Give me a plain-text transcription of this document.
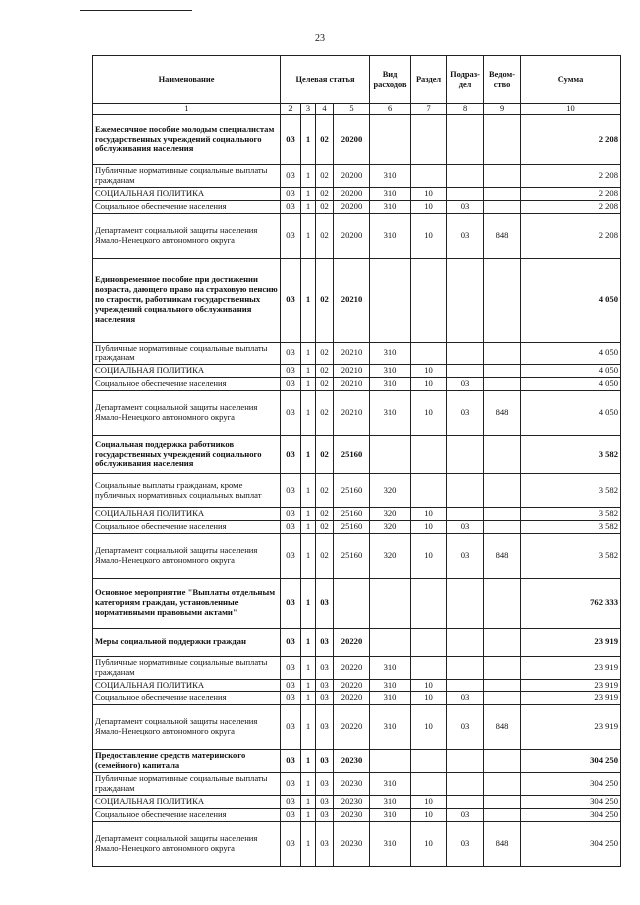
23
Наименование	Целевая статья				Вид расходов	Раздел	Подраз-дел	Ведом-ство	Сумма
1	2	3	4	5	6	7	8	9	10
Ежемесячное пособие молодым специалистам государственных учреждений социального обслуживания населения	03	1	02	20200					2 208
Публичные нормативные социальные выплаты гражданам	03	1	02	20200	310				2 208
СОЦИАЛЬНАЯ ПОЛИТИКА	03	1	02	20200	310	10			2 208
Социальное обеспечение населения	03	1	02	20200	310	10	03		2 208
Департамент социальной защиты населения Ямало-Ненецкого автономного округа	03	1	02	20200	310	10	03	848	2 208
Единовременное пособие при достижении возраста, дающего право на страховую пенсию по старости, работникам государственных учреждений социального обслуживания населения	03	1	02	20210					4 050
Публичные нормативные социальные выплаты гражданам	03	1	02	20210	310				4 050
СОЦИАЛЬНАЯ ПОЛИТИКА	03	1	02	20210	310	10			4 050
Социальное обеспечение населения	03	1	02	20210	310	10	03		4 050
Департамент социальной защиты населения Ямало-Ненецкого автономного округа	03	1	02	20210	310	10	03	848	4 050
Социальная поддержка работников государственных учреждений социального обслуживания населения	03	1	02	25160					3 582
Социальные выплаты гражданам, кроме публичных нормативных социальных выплат	03	1	02	25160	320				3 582
СОЦИАЛЬНАЯ ПОЛИТИКА	03	1	02	25160	320	10			3 582
Социальное обеспечение населения	03	1	02	25160	320	10	03		3 582
Департамент социальной защиты населения Ямало-Ненецкого автономного округа	03	1	02	25160	320	10	03	848	3 582
Основное мероприятие "Выплаты отдельным категориям граждан, установленные нормативными правовыми актами"	03	1	03						762 333
Меры социальной поддержки граждан	03	1	03	20220					23 919
Публичные нормативные социальные выплаты гражданам	03	1	03	20220	310				23 919
СОЦИАЛЬНАЯ ПОЛИТИКА	03	1	03	20220	310	10			23 919
Социальное обеспечение населения	03	1	03	20220	310	10	03		23 919
Департамент социальной защиты населения Ямало-Ненецкого автономного округа	03	1	03	20220	310	10	03	848	23 919
Предоставление средств материнского (семейного) капитала	03	1	03	20230					304 250
Публичные нормативные социальные выплаты гражданам	03	1	03	20230	310				304 250
СОЦИАЛЬНАЯ ПОЛИТИКА	03	1	03	20230	310	10			304 250
Социальное обеспечение населения	03	1	03	20230	310	10	03		304 250
Департамент социальной защиты населения Ямало-Ненецкого автономного округа	03	1	03	20230	310	10	03	848	304 250
